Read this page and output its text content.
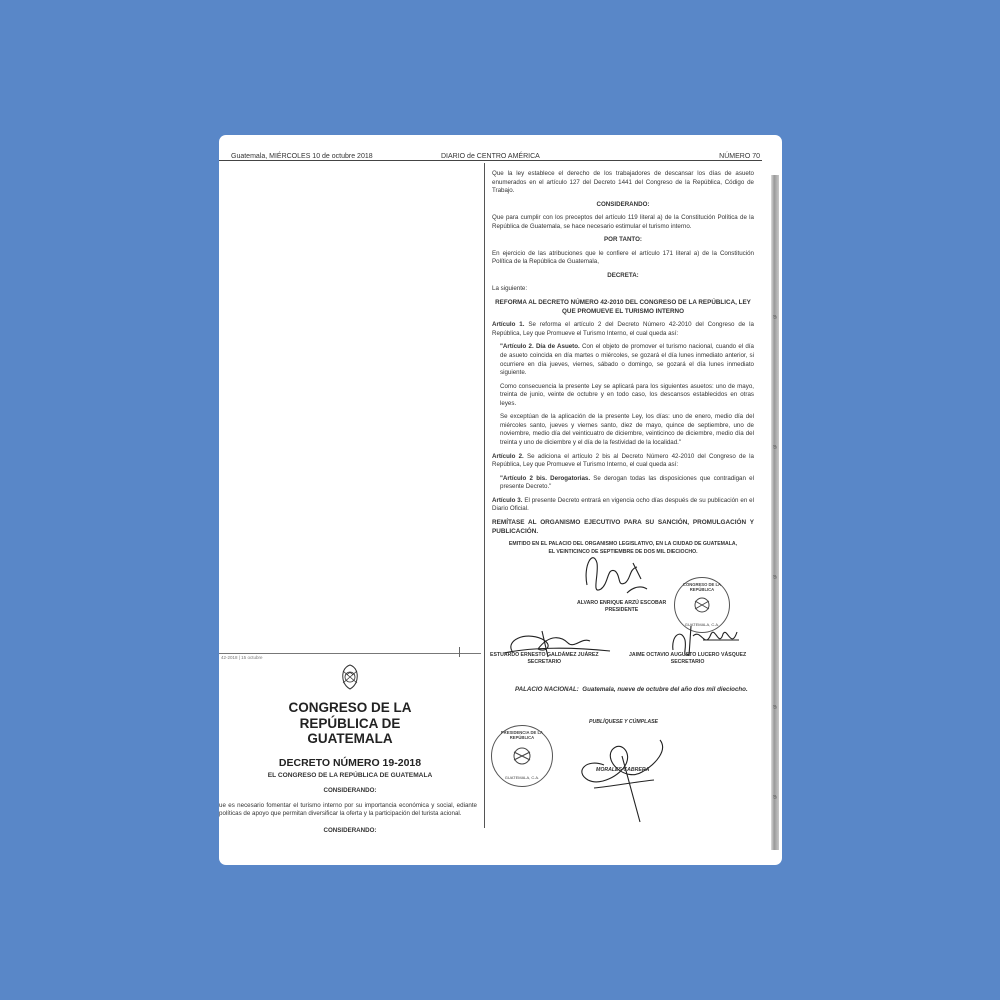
Guatemala, MIÉRCOLES 10 de octubre 2018	DIARIO de CENTRO AMÉRICA	NÚMERO 70
42-2018 | 15 octubre
gt
gt
gt
gt
gt

Que la ley establece el derecho de los trabajadores de descansar los días de asueto enumerados en el artículo 127 del Decreto 1441 del Congreso de la República, Código de Trabajo.

CONSIDERANDO:

Que para cumplir con los preceptos del artículo 119 literal a) de la Constitución Política de la República de Guatemala, se hace necesario estimular el turismo interno.

POR TANTO:

En ejercicio de las atribuciones que le confiere el artículo 171 literal a) de la Constitución Política de la República de Guatemala,

DECRETA:

La siguiente:

REFORMA AL DECRETO NÚMERO 42-2010 DEL CONGRESO DE LA REPÚBLICA, LEY QUE PROMUEVE EL TURISMO INTERNO

Artículo 1. Se reforma el artículo 2 del Decreto Número 42-2010 del Congreso de la República, Ley que Promueve el Turismo Interno, el cual queda así:

"Artículo 2. Día de Asueto. Con el objeto de promover el turismo nacional, cuando el día de asueto coincida en día martes o miércoles, se gozará el día lunes inmediato anterior, si ocurriere en día jueves, viernes, sábado o domingo, se gozará el día lunes inmediato siguiente.

Como consecuencia la presente Ley se aplicará para los siguientes asuetos: uno de mayo, treinta de junio, veinte de octubre y en todo caso, los descansos establecidos en otras leyes.

Se exceptúan de la aplicación de la presente Ley, los días: uno de enero, medio día del miércoles santo, jueves y viernes santo, diez de mayo, quince de septiembre, uno de noviembre, medio día del veinticuatro de diciembre, veinticinco de diciembre, medio día del treinta y uno de diciembre y el día de la festividad de la localidad."

Artículo 2. Se adiciona el artículo 2 bis al Decreto Número 42-2010 del Congreso de la República, Ley que Promueve el Turismo Interno, el cual queda así:

"Artículo 2 bis. Derogatorias. Se derogan todas las disposiciones que contradigan el presente Decreto."

Artículo 3. El presente Decreto entrará en vigencia ocho días después de su publicación en el Diario Oficial.

REMÍTASE AL ORGANISMO EJECUTIVO PARA SU SANCIÓN, PROMULGACIÓN Y PUBLICACIÓN.

EMITIDO EN EL PALACIO DEL ORGANISMO LEGISLATIVO, EN LA CIUDAD DE GUATEMALA, EL VEINTICINCO DE SEPTIEMBRE DE DOS MIL DIECIOCHO.
CONGRESO DE LA REPÚBLICA
GUATEMALA, C.A.
ALVARO ENRIQUE ARZÚ ESCOBAR
PRESIDENTE
ESTUARDO ERNESTO GALDÁMEZ JUÁREZ
SECRETARIO
JAIME OCTAVIO AUGUSTO LUCERO VÁSQUEZ
SECRETARIO
PALACIO NACIONAL: Guatemala, nueve de octubre del año dos mil dieciocho.
PUBLÍQUESE Y CÚMPLASE
PRESIDENCIA DE LA REPÚBLICA
GUATEMALA, C.A.
MORALES CABRERA
CONGRESO DE LA REPÚBLICA DE GUATEMALA
DECRETO NÚMERO 19-2018
EL CONGRESO DE LA REPÚBLICA DE GUATEMALA
CONSIDERANDO:

ue es necesario fomentar el turismo interno por su importancia económica y social, ediante políticas de apoyo que permitan diversificar la oferta y la participación del turista acional.

CONSIDERANDO:
